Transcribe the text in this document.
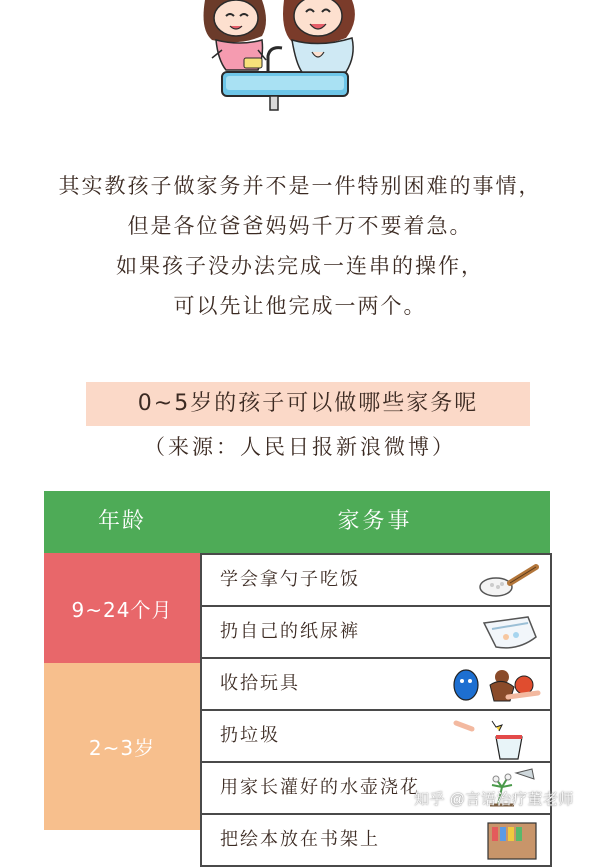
其实教孩子做家务并不是一件特别困难的事情，

但是各位爸爸妈妈千万不要着急。

如果孩子没办法完成一连串的操作，

可以先让他完成一两个。

0~5岁的孩子可以做哪些家务呢
（来源：人民日报新浪微博）
年龄	家务事
9~24个月
2~3岁
学会拿勺子吃饭
扔自己的纸尿裤
收拾玩具
扔垃圾
用家长灌好的水壶浇花
把绘本放在书架上
知乎 @言语治疗董老师
